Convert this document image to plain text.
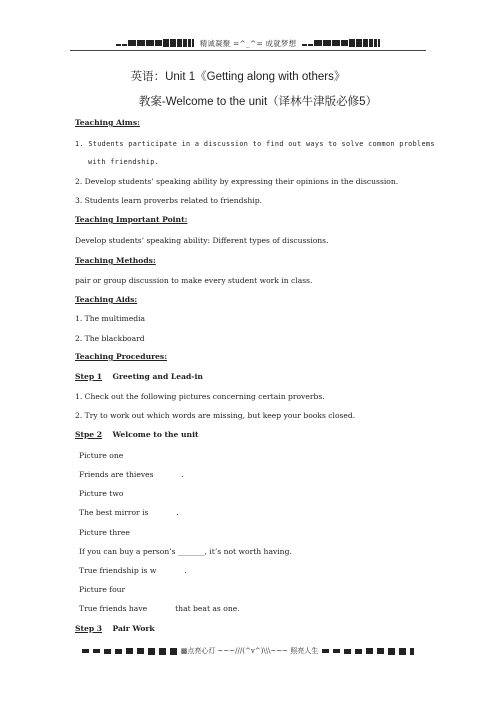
精诚凝聚 =^_^= 成就梦想
英语：Unit 1《Getting along with others》
教案-Welcome to the unit（译林牛津版必修5）
Teaching Aims:
1. Students participate in a discussion to find out ways to solve common problems
with friendship.
2. Develop students’ speaking ability by expressing their opinions in the discussion.
3. Students learn proverbs related to friendship.
Teaching Important Point:
Develop students’ speaking ability: Different types of discussions.
Teaching Methods:
pair or group discussion to make every student work in class.
Teaching Aids:
1. The multimedia
2. The blackboard
Teaching Procedures:
Step 1 Greeting and Lead-in
1. Check out the following pictures concerning certain proverbs.
2. Try to work out which words are missing, but keep your books closed.
Stpe 2 Welcome to the unit
Picture one
Friends are thieves	.
Picture two
The best mirror is	.
Picture three
If you can buy a person’s _______, it’s not worth having.
True friendship is w	.
Picture four
True friends have	that beat as one.
Step 3 Pair Work
▩点亮心灯 ~~~///(^v^)\\\~~~ 照亮人生
